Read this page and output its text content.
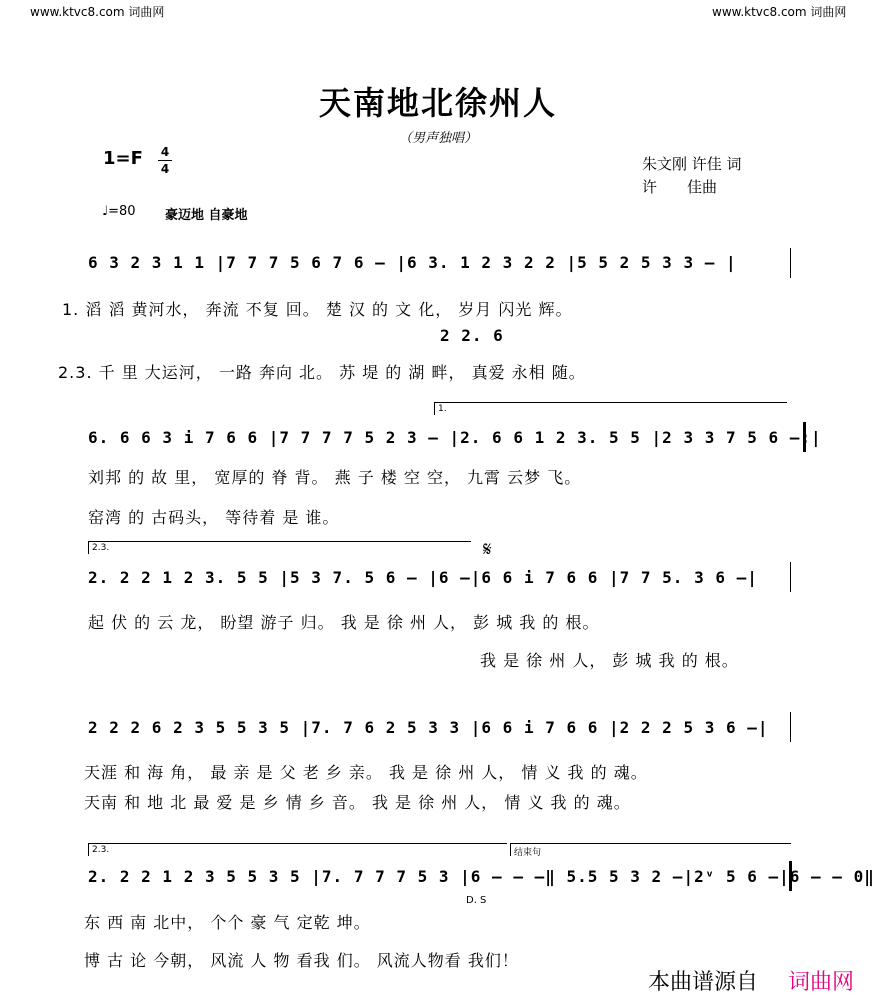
www.ktvc8.com 词曲网	www.ktvc8.com 词曲网
天南地北徐州人
（男声独唱）
1=F 4
4	朱文刚 许佳 词
许　　佳曲
♩=80 豪迈地 自豪地
6 3 2 3 1 1 |7 7 7 5 6 7 6 – |6 3. 1 2 3 2 2 |5 5 2 5 3 3 – |
1. 滔 滔 黄河水， 奔流 不复 回。 楚 汉 的 文 化， 岁月 闪光 辉。
2 2. 6
2.3. 千 里 大运河， 一路 奔向 北。 苏 堤 的 湖 畔， 真爱 永相 随。
1.
6. 6 6 3 i 7 6 6 |7 7 7 7 5 2 3 – |2. 6 6 1 2 3. 5 5 |2 3 3 7 5 6 –:|
刘邦 的 故 里， 宽厚的 脊 背。 燕 子 楼 空 空， 九霄 云梦 飞。
窑湾 的 古码头， 等待着 是 谁。
2.3.	𝄋
2. 2 2 1 2 3. 5 5 |5 3 7. 5 6 – |6 –|6 6 i 7 6 6 |7 7 5. 3 6 –|
起 伏 的 云 龙， 盼望 游子 归。 我 是 徐 州 人， 彭 城 我 的 根。
我 是 徐 州 人， 彭 城 我 的 根。
2 2 2 6 2 3 5 5 3 5 |7. 7 6 2 5 3 3 |6 6 i 7 6 6 |2 2 2 5 3 6 –|
天涯 和 海 角， 最 亲 是 父 老 乡 亲。 我 是 徐 州 人， 情 义 我 的 魂。
天南 和 地 北 最 爱 是 乡 情 乡 音。 我 是 徐 州 人， 情 义 我 的 魂。
2.3.	结束句
2. 2 2 1 2 3 5 5 3 5 |7. 7 7 7 5 3 |6 – – –‖ 5.5 5 3 2 –|2ᵛ 5 6 –|6 – – 0‖
D. S
东 西 南 北中， 个个 豪 气 定乾 坤。
博 古 论 今朝， 风流 人 物 看我 们。 风流人物看 我们！
本曲谱源自 词曲网
